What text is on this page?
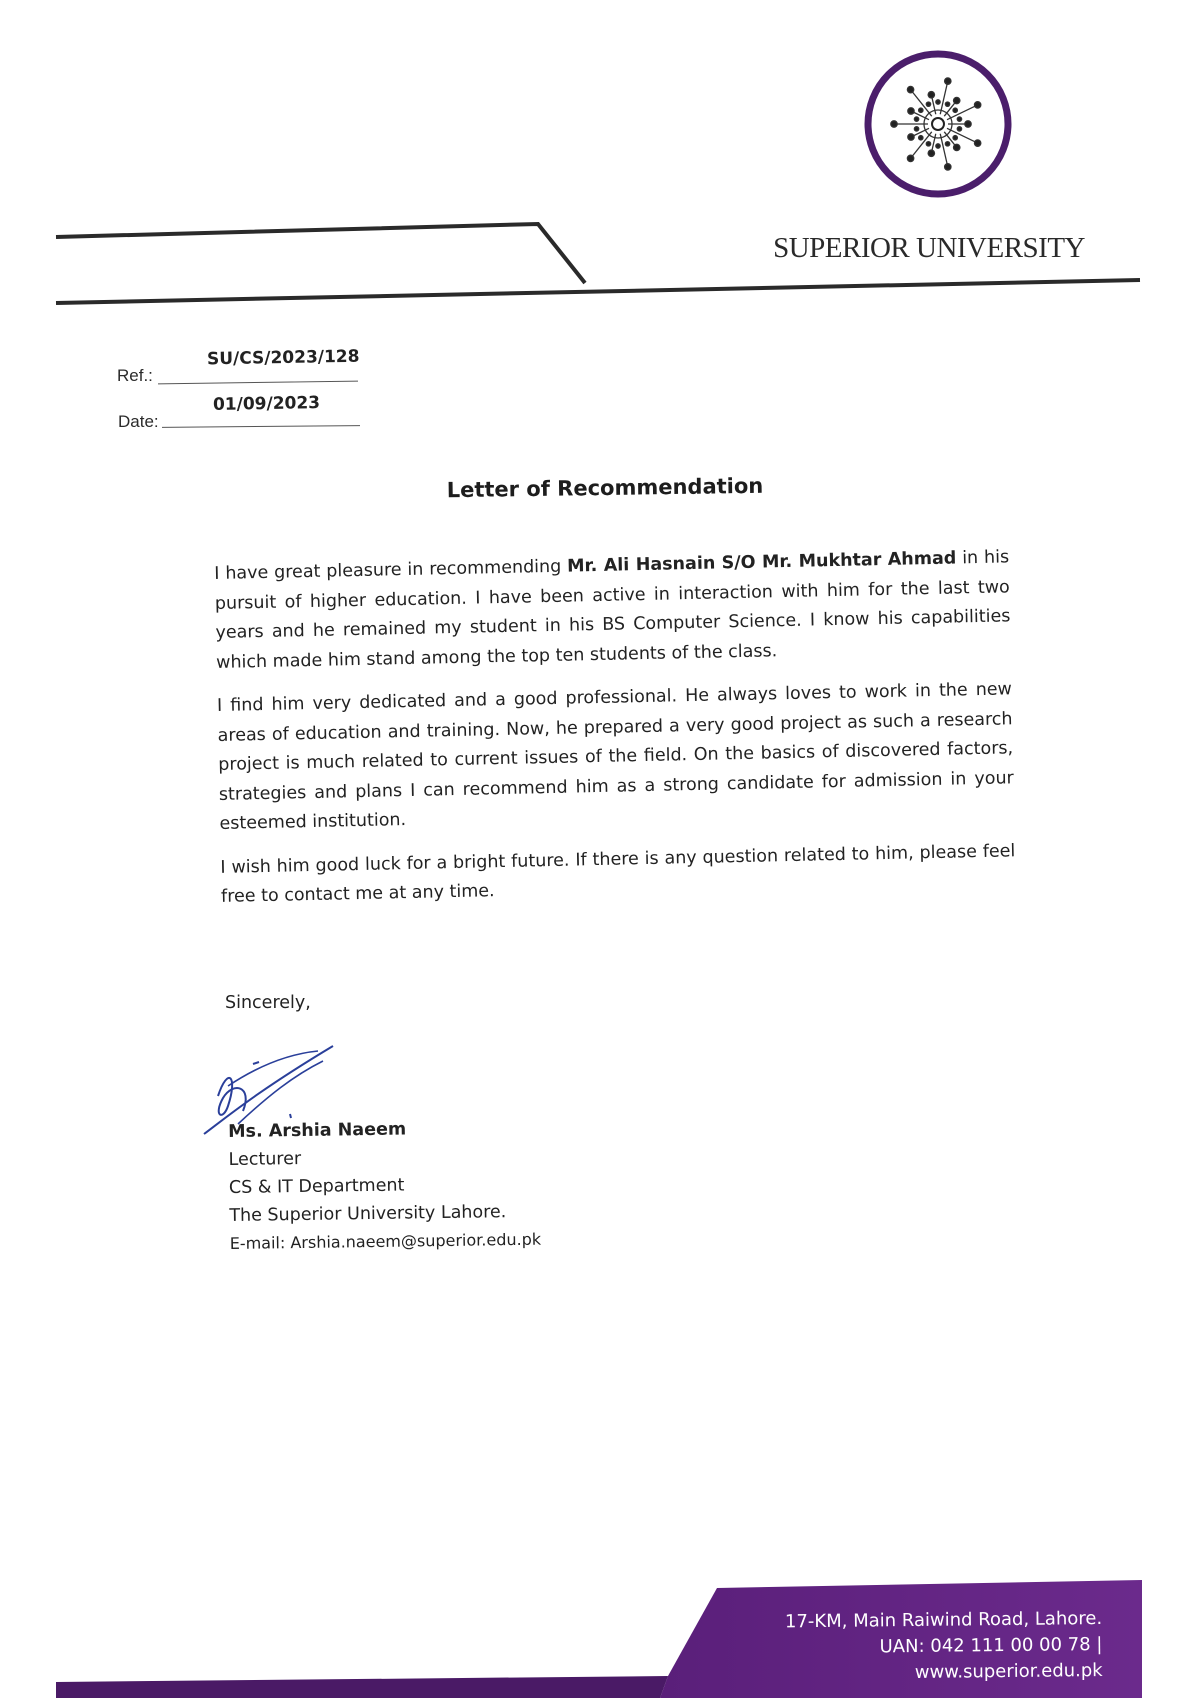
SUPERIOR UNIVERSITY
Ref.:
SU/CS/2023/128
Date:
01/09/2023
Letter of Recommendation

I have great pleasure in recommending Mr. Ali Hasnain S/O Mr. Mukhtar Ahmad in his pursuit of higher education. I have been active in interaction with him for the last two years and he remained my student in his BS Computer Science. I know his capabilities which made him stand among the top ten students of the class.

I find him very dedicated and a good professional. He always loves to work in the new areas of education and training. Now, he prepared a very good project as such a research project is much related to current issues of the field. On the basics of discovered factors, strategies and plans I can recommend him as a strong candidate for admission in your esteemed institution.

I wish him good luck for a bright future. If there is any question related to him, please feel free to contact me at any time.

Sincerely,
Ms. Arshia Naeem
Lecturer
CS & IT Department
The Superior University Lahore.
E-mail: Arshia.naeem@superior.edu.pk
17-KM, Main Raiwind Road, Lahore.
UAN: 042 111 00 00 78 | www.superior.edu.pk
